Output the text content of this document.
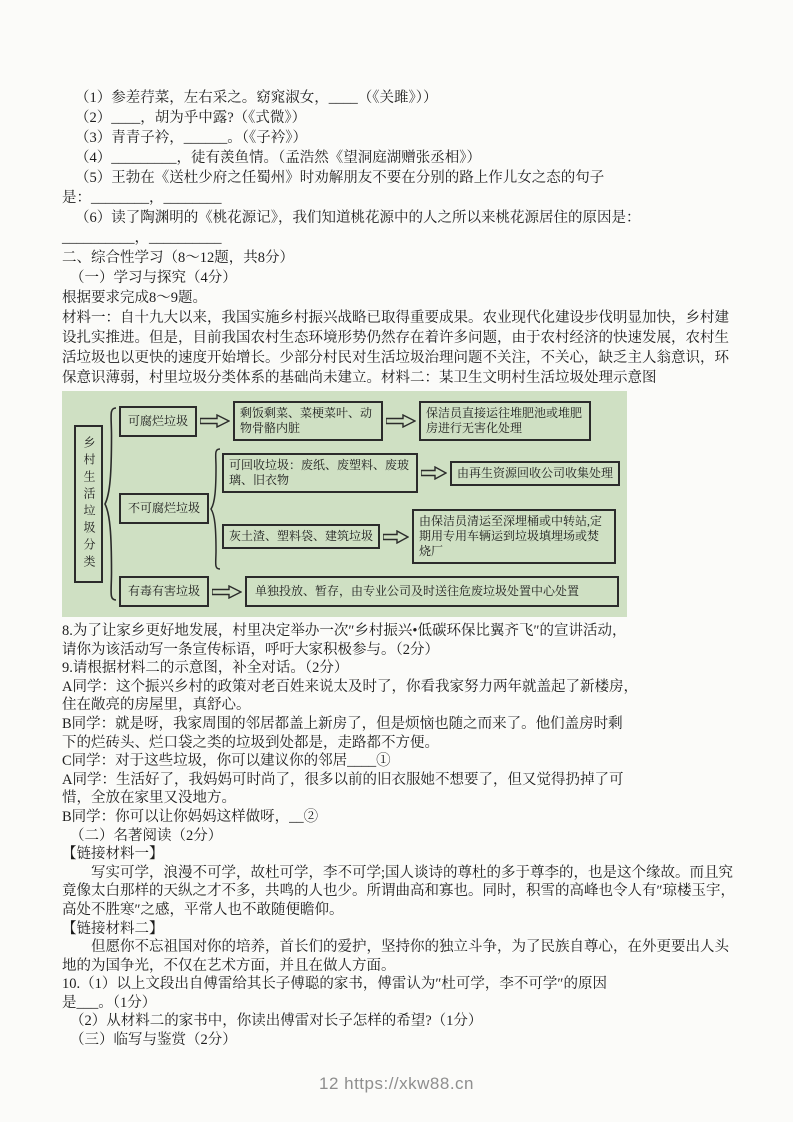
（1）参差荇菜，左右采之。窈窕淑女，____（《关雎》））
（2）____，胡为乎中露?（《式微》）
（3）青青子衿，______。（《子衿》）
（4）_________，徒有羡鱼情。（孟浩然《望洞庭湖赠张丞相》）
（5）王勃在《送杜少府之任蜀州》时劝解朋友不要在分别的路上作儿女之态的句子
是：________，________
（6）读了陶渊明的《桃花源记》，我们知道桃花源中的人之所以来桃花源居住的原因是：
__________，__________
二、综合性学习（8～12题，共8分）
（一）学习与探究（4分）
根据要求完成8～9题。
材料一：自十九大以来，我国实施乡村振兴战略已取得重要成果。农业现代化建设步伐明显加快，乡村建
设扎实推进。但是，目前我国农村生态环境形势仍然存在着许多问题，由于农村经济的快速发展，农村生
活垃圾也以更快的速度开始增长。少部分村民对生活垃圾治理问题不关注，不关心，缺乏主人翁意识，环
保意识薄弱，村里垃圾分类体系的基础尚未建立。材料二：某卫生文明村生活垃圾处理示意图
乡村生活垃圾分类
可腐烂垃圾
剩饭剩菜、菜梗菜叶、动物骨骼内脏
保洁员直接运往堆肥池或堆肥房进行无害化处理
不可腐烂垃圾
可回收垃圾：废纸、废塑料、废玻璃、旧衣物
由再生资源回收公司收集处理
灰土渣、塑料袋、建筑垃圾
由保洁员清运至深埋桶或中转站,定期用专用车辆运到垃圾填埋场或焚烧厂
有毒有害垃圾	单独投放、暂存，由专业公司及时送往危废垃圾处置中心处置
8.为了让家乡更好地发展，村里决定举办一次″乡村振兴•低碳环保比翼齐飞″的宣讲活动，
请你为该活动写一条宣传标语，呼吁大家积极参与。（2分）
9.请根据材料二的示意图，补全对话。（2分）
A同学：这个振兴乡村的政策对老百姓来说太及时了，你看我家努力两年就盖起了新楼房，
住在敞亮的房屋里，真舒心。
B同学：就是呀，我家周围的邻居都盖上新房了，但是烦恼也随之而来了。他们盖房时剩
下的烂砖头、烂口袋之类的垃圾到处都是，走路都不方便。
C同学：对于这些垃圾，你可以建议你的邻居____①
A同学：生活好了，我妈妈可时尚了，很多以前的旧衣服她不想要了，但又觉得扔掉了可
惜，全放在家里又没地方。
B同学：你可以让你妈妈这样做呀，__②
（二）名著阅读（2分）
【链接材料一】
写实可学，浪漫不可学，故杜可学，李不可学;国人谈诗的尊杜的多于尊李的，也是这个缘故。而且究
竟像太白那样的天纵之才不多，共鸣的人也少。所谓曲高和寡也。同时，积雪的高峰也令人有″琼楼玉宇，
高处不胜寒″之感，平常人也不敢随便瞻仰。
【链接材料二】
但愿你不忘祖国对你的培养，首长们的爱护，坚持你的独立斗争，为了民族自尊心，在外更要出人头
地的为国争光，不仅在艺术方面，并且在做人方面。
10.（1）以上文段出自傅雷给其长子傅聪的家书，傅雷认为″杜可学，李不可学″的原因
是___。（1分）
（2）从材料二的家书中，你读出傅雷对长子怎样的希望?（1分）
（三）临写与鉴赏（2分）
12 https://xkw88.cn
